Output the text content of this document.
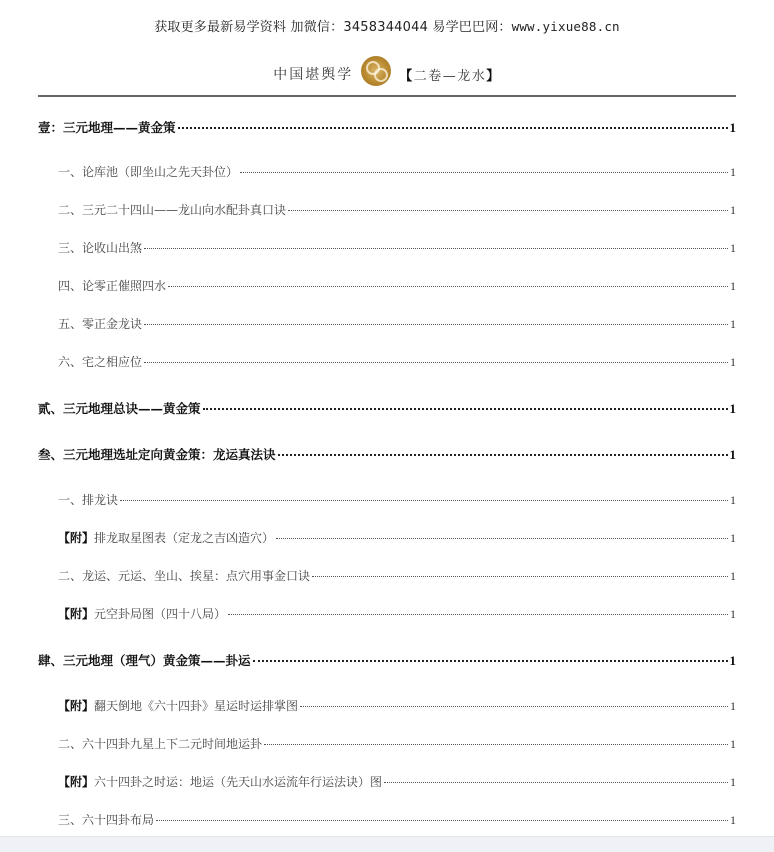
获取更多最新易学资料 加微信：3458344044 易学巴巴网：www.yixue88.cn
中国堪舆学	【二卷—龙水】
壹：三元地理——黄金策	1
一、论库池（即坐山之先天卦位）	1
二、三元二十四山——龙山向水配卦真口诀	1
三、论收山出煞	1
四、论零正催照四水	1
五、零正金龙诀	1
六、宅之相应位	1
贰、三元地理总诀——黄金策	1
叁、三元地理选址定向黄金策：龙运真法诀	1
一、排龙诀	1
【附】排龙取星图表（定龙之吉凶造穴）	1
二、龙运、元运、坐山、挨星：点穴用事金口诀	1
【附】元空卦局图（四十八局）	1
肆、三元地理（理气）黄金策——卦运	1
【附】翻天倒地《六十四卦》星运时运排掌图	1
二、六十四卦九星上下二元时间地运卦	1
【附】六十四卦之时运：地运（先天山水运流年行运法诀）图	1
三、六十四卦布局	1
